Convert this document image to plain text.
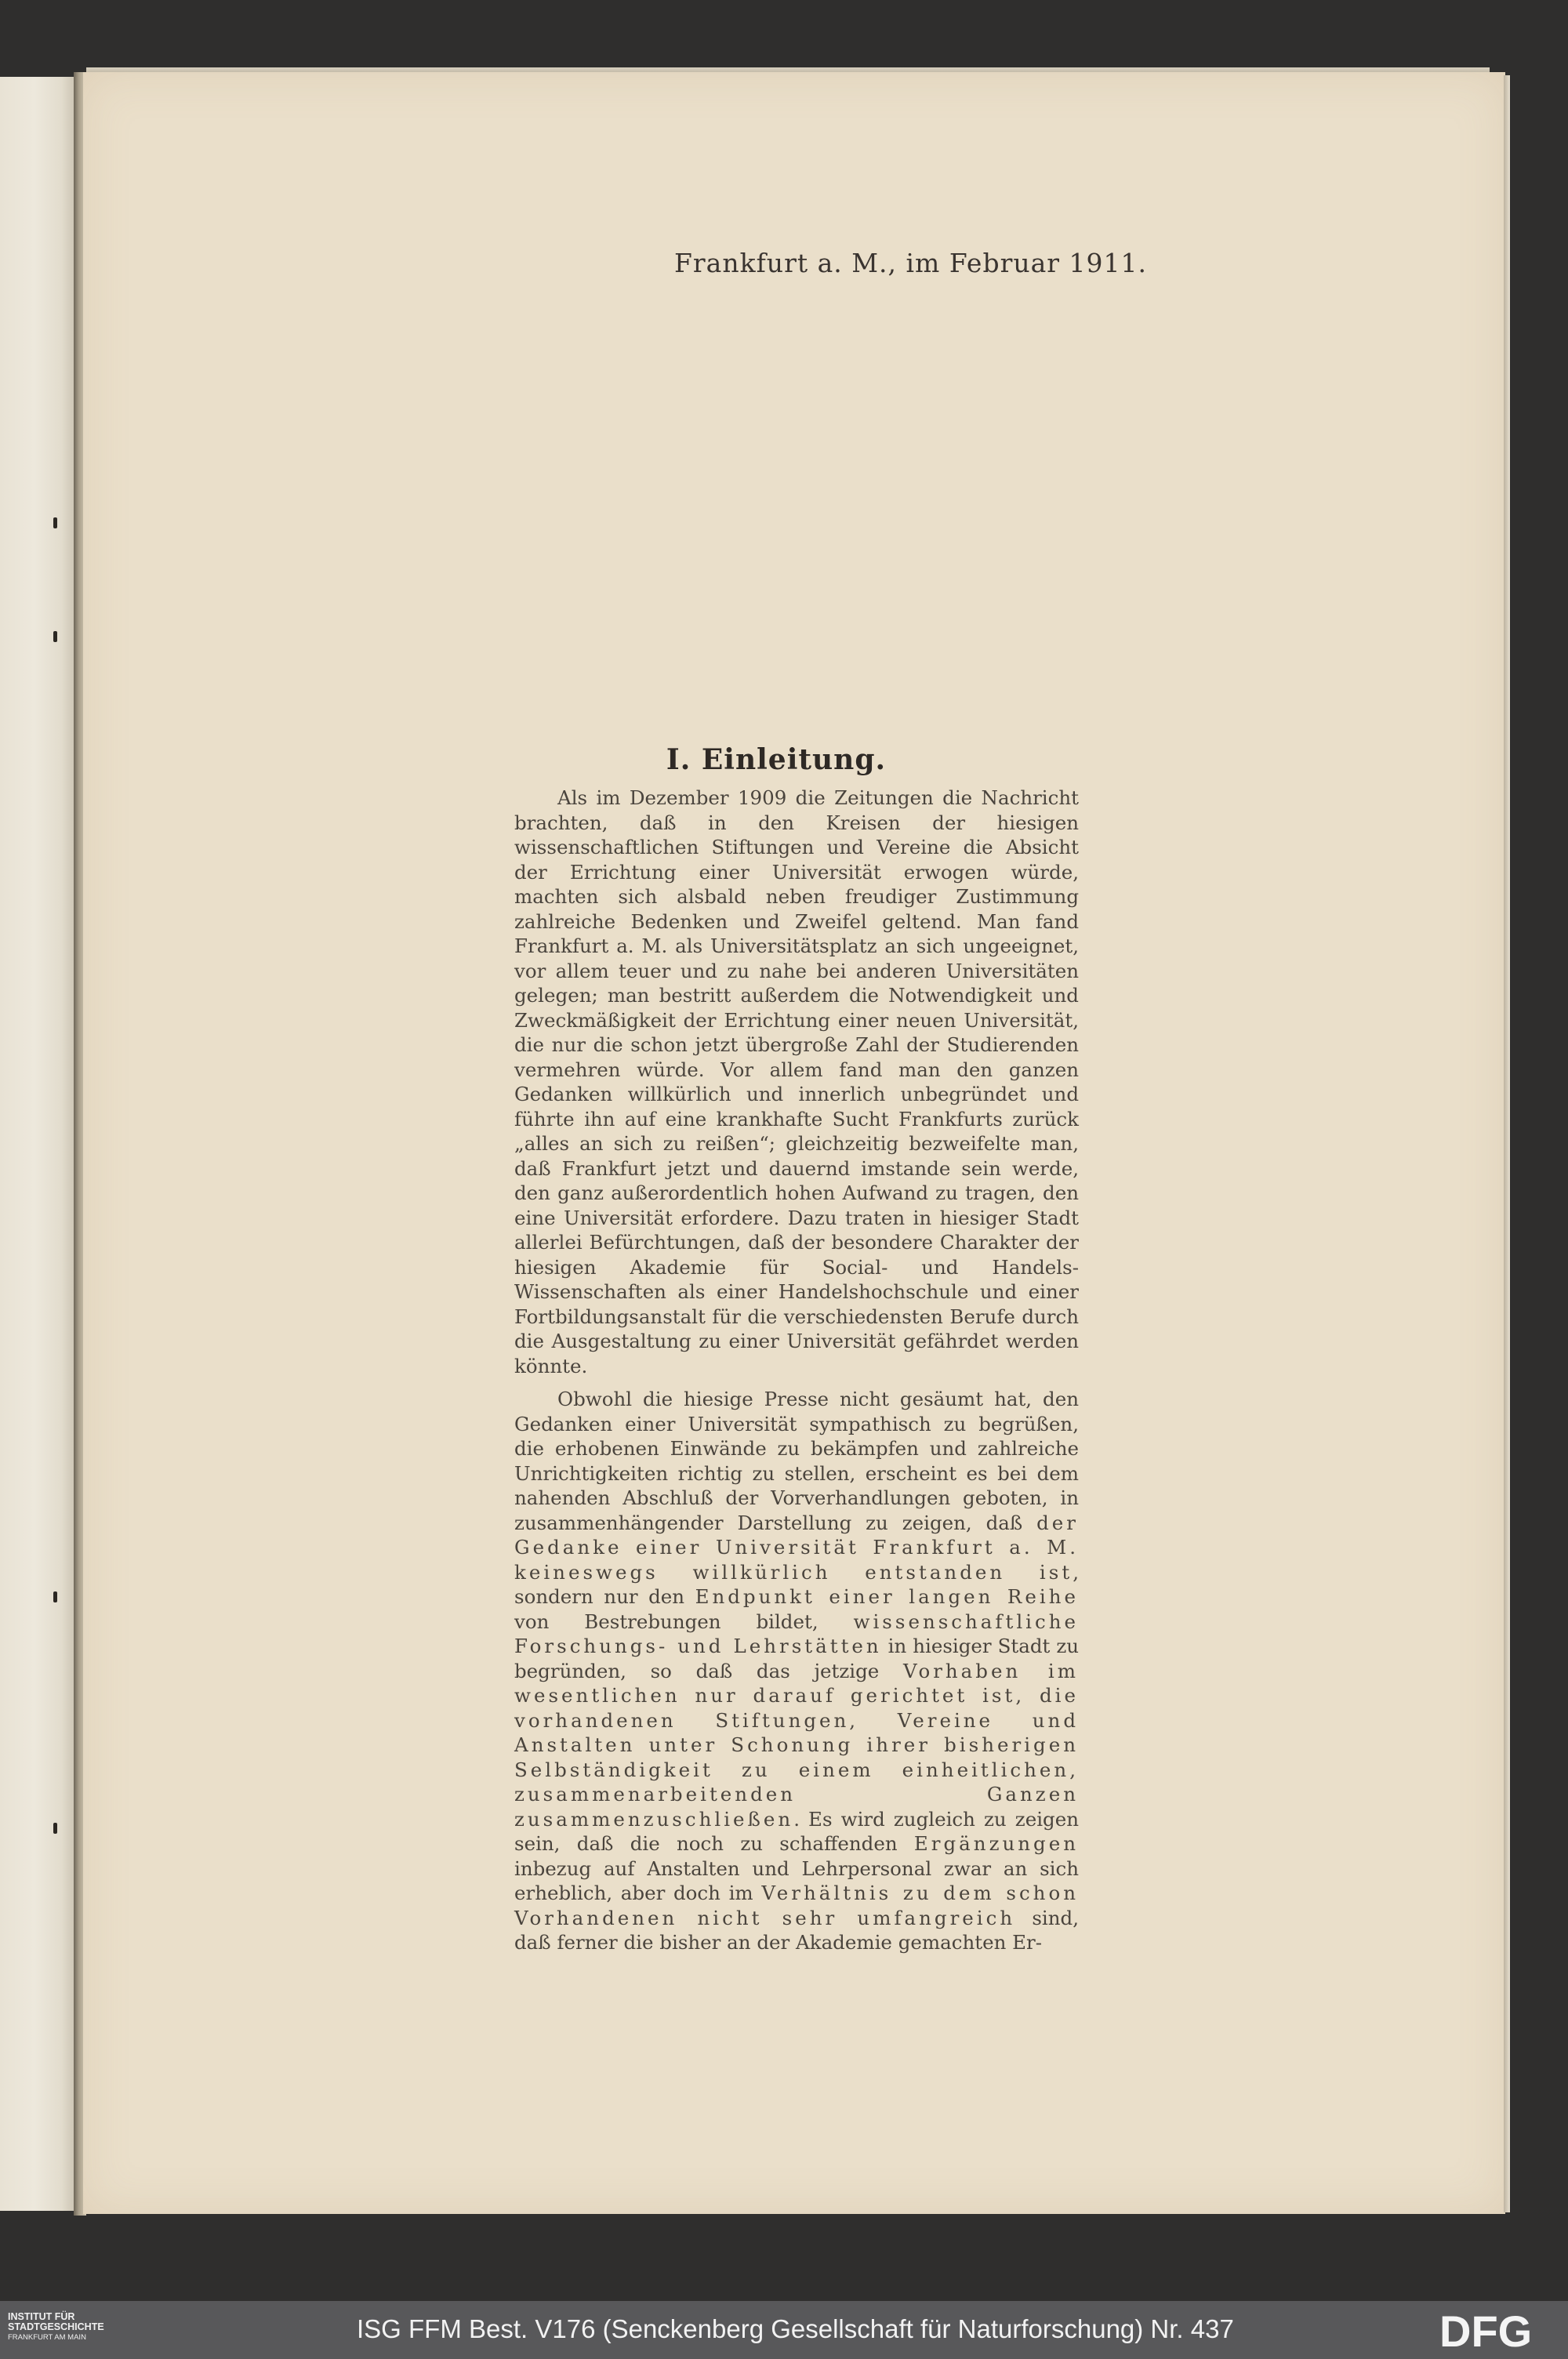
Frankfurt a. M., im Februar 1911.
I. Einleitung.

Als im Dezember 1909 die Zeitungen die Nachricht brachten, daß in den Kreisen der hiesigen wissenschaftlichen Stiftungen und Vereine die Absicht der Errichtung einer Universität erwogen würde, machten sich alsbald neben freudiger Zustimmung zahlreiche Bedenken und Zweifel geltend. Man fand Frankfurt a. M. als Universitätsplatz an sich ungeeignet, vor allem teuer und zu nahe bei anderen Universitäten gelegen; man bestritt außerdem die Notwendigkeit und Zweckmäßigkeit der Errichtung einer neuen Universität, die nur die schon jetzt übergroße Zahl der Studierenden vermehren würde. Vor allem fand man den ganzen Gedanken willkürlich und innerlich unbegründet und führte ihn auf eine krankhafte Sucht Frankfurts zurück „alles an sich zu reißen“; gleichzeitig bezweifelte man, daß Frankfurt jetzt und dauernd imstande sein werde, den ganz außerordentlich hohen Aufwand zu tragen, den eine Universität erfordere. Dazu traten in hiesiger Stadt allerlei Befürchtungen, daß der besondere Charakter der hiesigen Akademie für Social- und Handels-Wissenschaften als einer Handelshochschule und einer Fortbildungsanstalt für die verschiedensten Berufe durch die Ausgestaltung zu einer Universität gefährdet werden könnte.

Obwohl die hiesige Presse nicht gesäumt hat, den Gedanken einer Universität sympathisch zu begrüßen, die erhobenen Einwände zu bekämpfen und zahlreiche Unrichtigkeiten richtig zu stellen, erscheint es bei dem nahenden Abschluß der Vorverhandlungen geboten, in zusammenhängender Darstellung zu zeigen, daß der Gedanke einer Universität Frankfurt a. M. keineswegs willkürlich entstanden ist, sondern nur den Endpunkt einer langen Reihe von Bestrebungen bildet, wissenschaftliche Forschungs- und Lehrstätten in hiesiger Stadt zu begründen, so daß das jetzige Vorhaben im wesentlichen nur darauf gerichtet ist, die vorhandenen Stiftungen, Vereine und Anstalten unter Schonung ihrer bisherigen Selbständigkeit zu einem einheitlichen, zusammenarbeitenden Ganzen zusammenzuschließen. Es wird zugleich zu zeigen sein, daß die noch zu schaffenden Ergänzungen inbezug auf Anstalten und Lehrpersonal zwar an sich erheblich, aber doch im Verhältnis zu dem schon Vorhandenen nicht sehr umfangreich sind, daß ferner die bisher an der Akademie gemachten Er-

INSTITUT FÜR
STADTGESCHICHTE
FRANKFURT AM MAIN	ISG FFM Best. V176 (Senckenberg Gesellschaft für Naturforschung) Nr. 437	DFG
